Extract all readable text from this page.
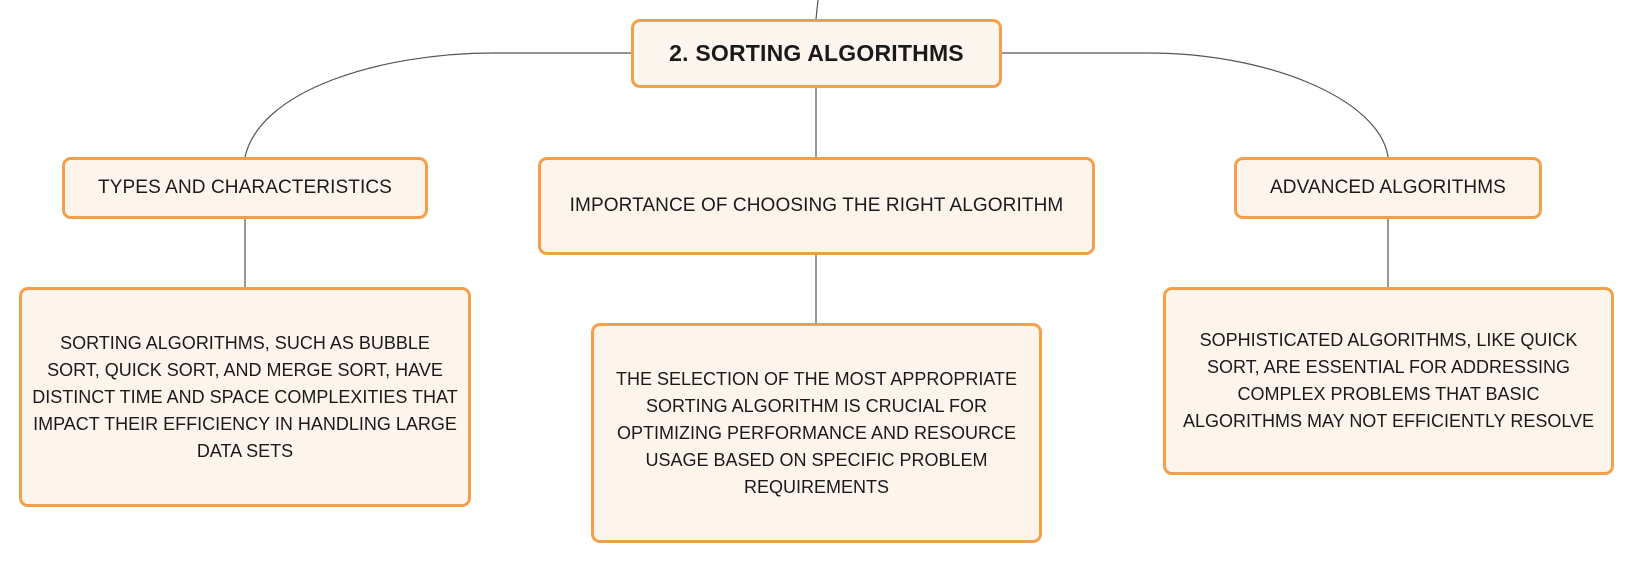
2. SORTING ALGORITHMS
TYPES AND CHARACTERISTICS
IMPORTANCE OF CHOOSING THE RIGHT ALGORITHM
ADVANCED ALGORITHMS
SORTING ALGORITHMS, SUCH AS BUBBLE SORT, QUICK SORT, AND MERGE SORT, HAVE DISTINCT TIME AND SPACE COMPLEXITIES THAT IMPACT THEIR EFFICIENCY IN HANDLING LARGE DATA SETS
THE SELECTION OF THE MOST APPROPRIATE SORTING ALGORITHM IS CRUCIAL FOR OPTIMIZING PERFORMANCE AND RESOURCE USAGE BASED ON SPECIFIC PROBLEM REQUIREMENTS
SOPHISTICATED ALGORITHMS, LIKE QUICK SORT, ARE ESSENTIAL FOR ADDRESSING COMPLEX PROBLEMS THAT BASIC ALGORITHMS MAY NOT EFFICIENTLY RESOLVE
